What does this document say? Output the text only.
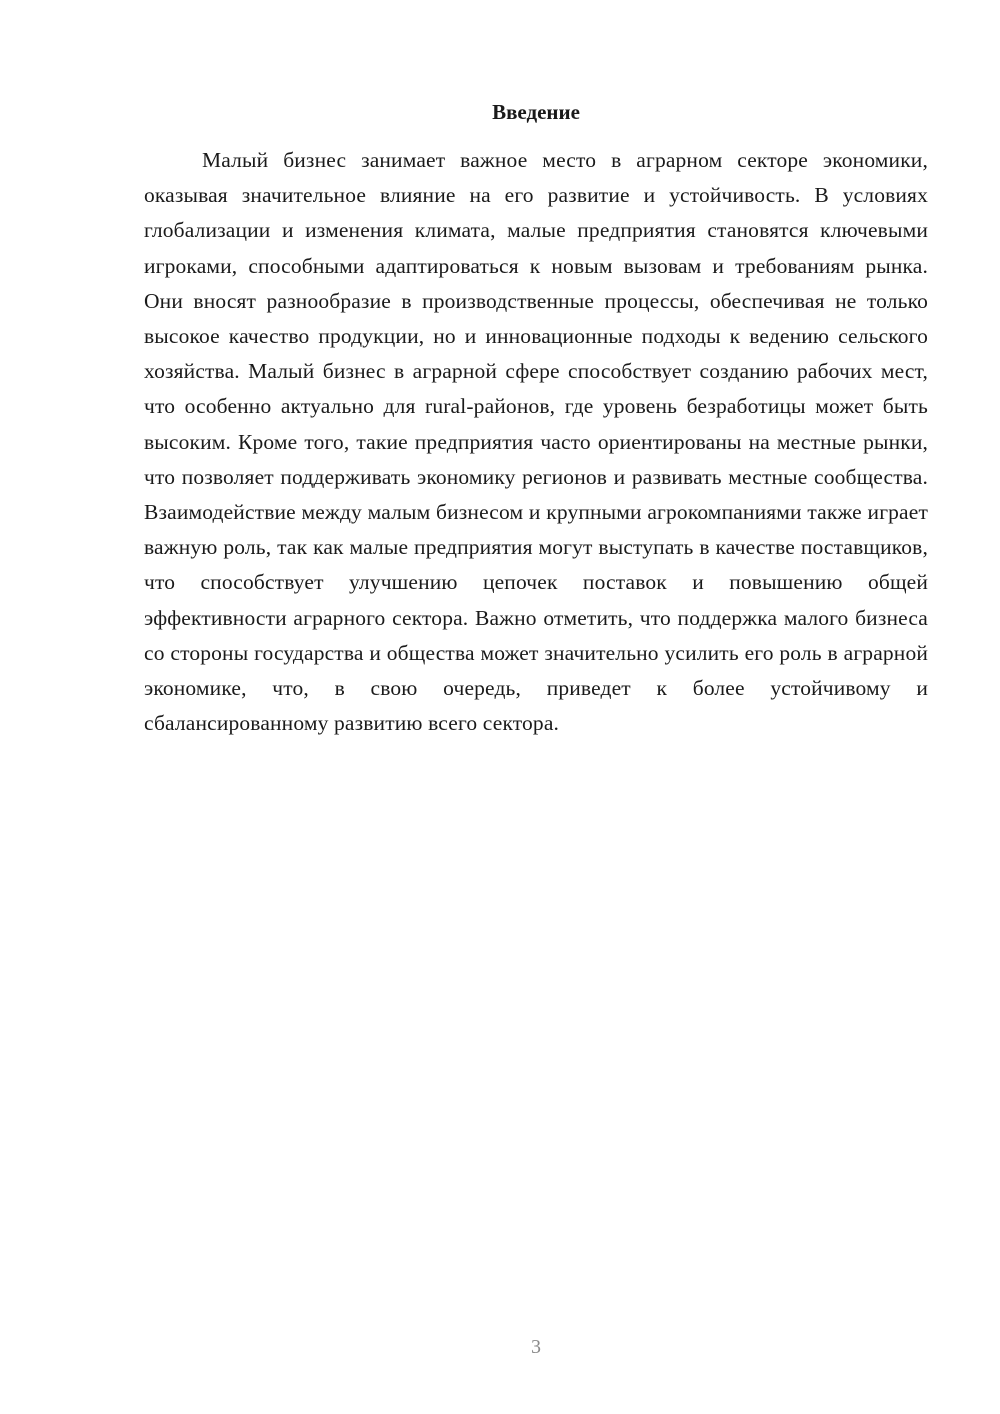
Введение

Малый бизнес занимает важное место в аграрном секторе экономики, оказывая значительное влияние на его развитие и устойчивость. В условиях глобализации и изменения климата, малые предприятия становятся ключевыми игроками, способными адаптироваться к новым вызовам и требованиям рынка. Они вносят разнообразие в производственные процессы, обеспечивая не только высокое качество продукции, но и инновационные подходы к ведению сельского хозяйства. Малый бизнес в аграрной сфере способствует созданию рабочих мест, что особенно актуально для rural-районов, где уровень безработицы может быть высоким. Кроме того, такие предприятия часто ориентированы на местные рынки, что позволяет поддерживать экономику регионов и развивать местные сообщества. Взаимодействие между малым бизнесом и крупными агрокомпаниями также играет важную роль, так как малые предприятия могут выступать в качестве поставщиков, что способствует улучшению цепочек поставок и повышению общей эффективности аграрного сектора. Важно отметить, что поддержка малого бизнеса со стороны государства и общества может значительно усилить его роль в аграрной экономике, что, в свою очередь, приведет к более устойчивому и сбалансированному развитию всего сектора.

3
